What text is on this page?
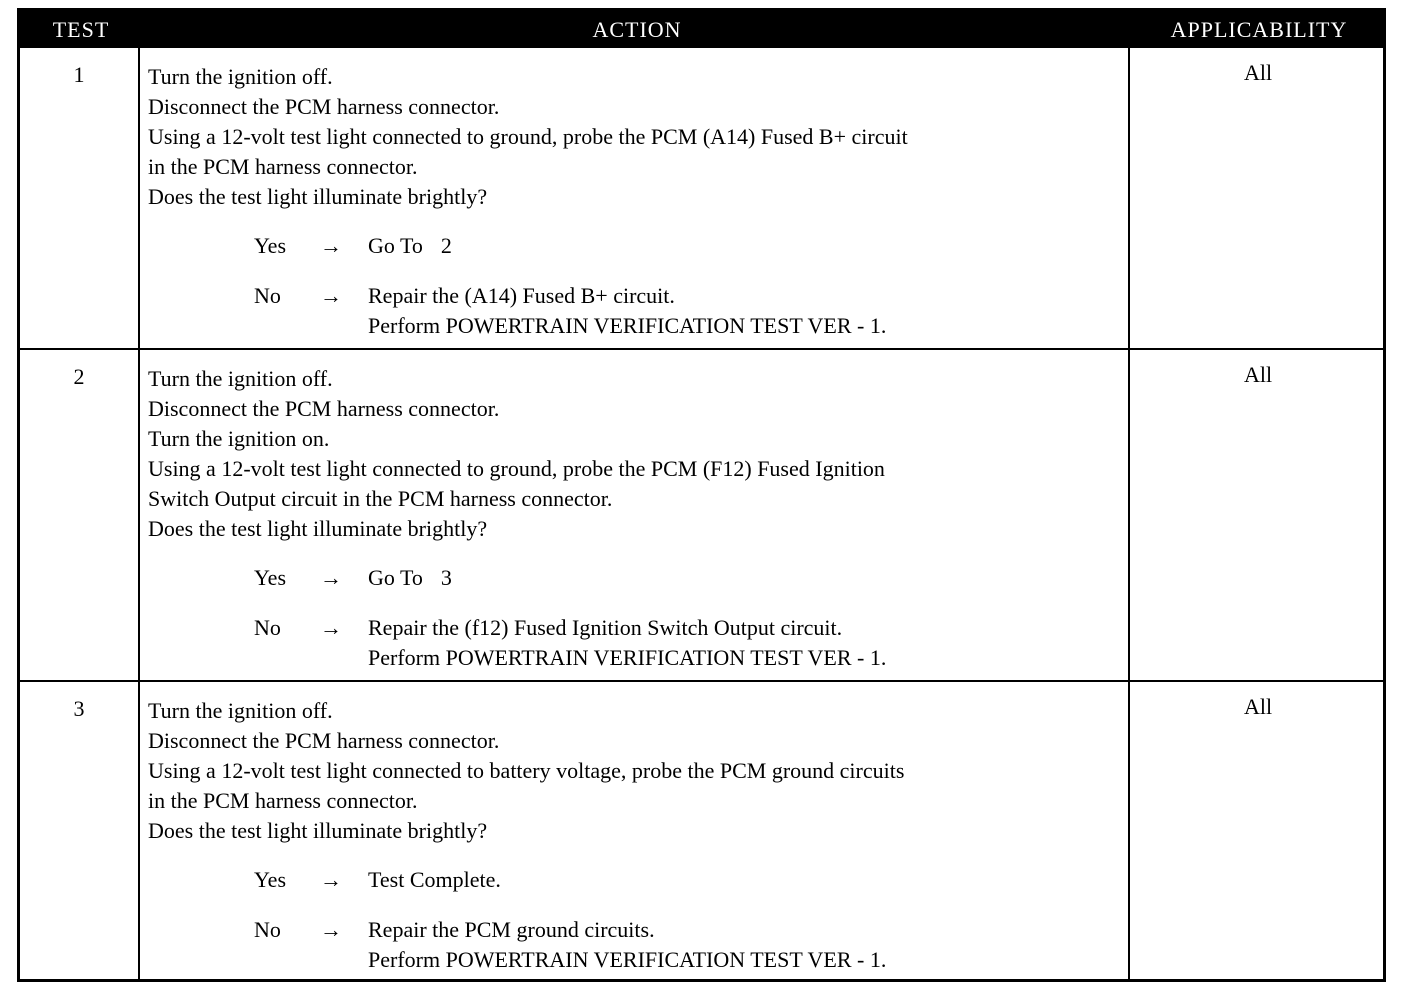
TEST	ACTION	APPLICABILITY
1	Turn the ignition off.
Disconnect the PCM harness connector.
Using a 12-volt test light connected to ground, probe the PCM (A14) Fused B+ circuit
in the PCM harness connector.
Does the test light illuminate brightly?
Yes → Go To 2
No → Repair the (A14) Fused B+ circuit.
Perform POWERTRAIN VERIFICATION TEST VER - 1.
All
2	Turn the ignition off.
Disconnect the PCM harness connector.
Turn the ignition on.
Using a 12-volt test light connected to ground, probe the PCM (F12) Fused Ignition
Switch Output circuit in the PCM harness connector.
Does the test light illuminate brightly?
Yes → Go To 3
No → Repair the (f12) Fused Ignition Switch Output circuit.
Perform POWERTRAIN VERIFICATION TEST VER - 1.
All
3	Turn the ignition off.
Disconnect the PCM harness connector.
Using a 12-volt test light connected to battery voltage, probe the PCM ground circuits
in the PCM harness connector.
Does the test light illuminate brightly?
Yes → Test Complete.
No → Repair the PCM ground circuits.
Perform POWERTRAIN VERIFICATION TEST VER - 1.
All
